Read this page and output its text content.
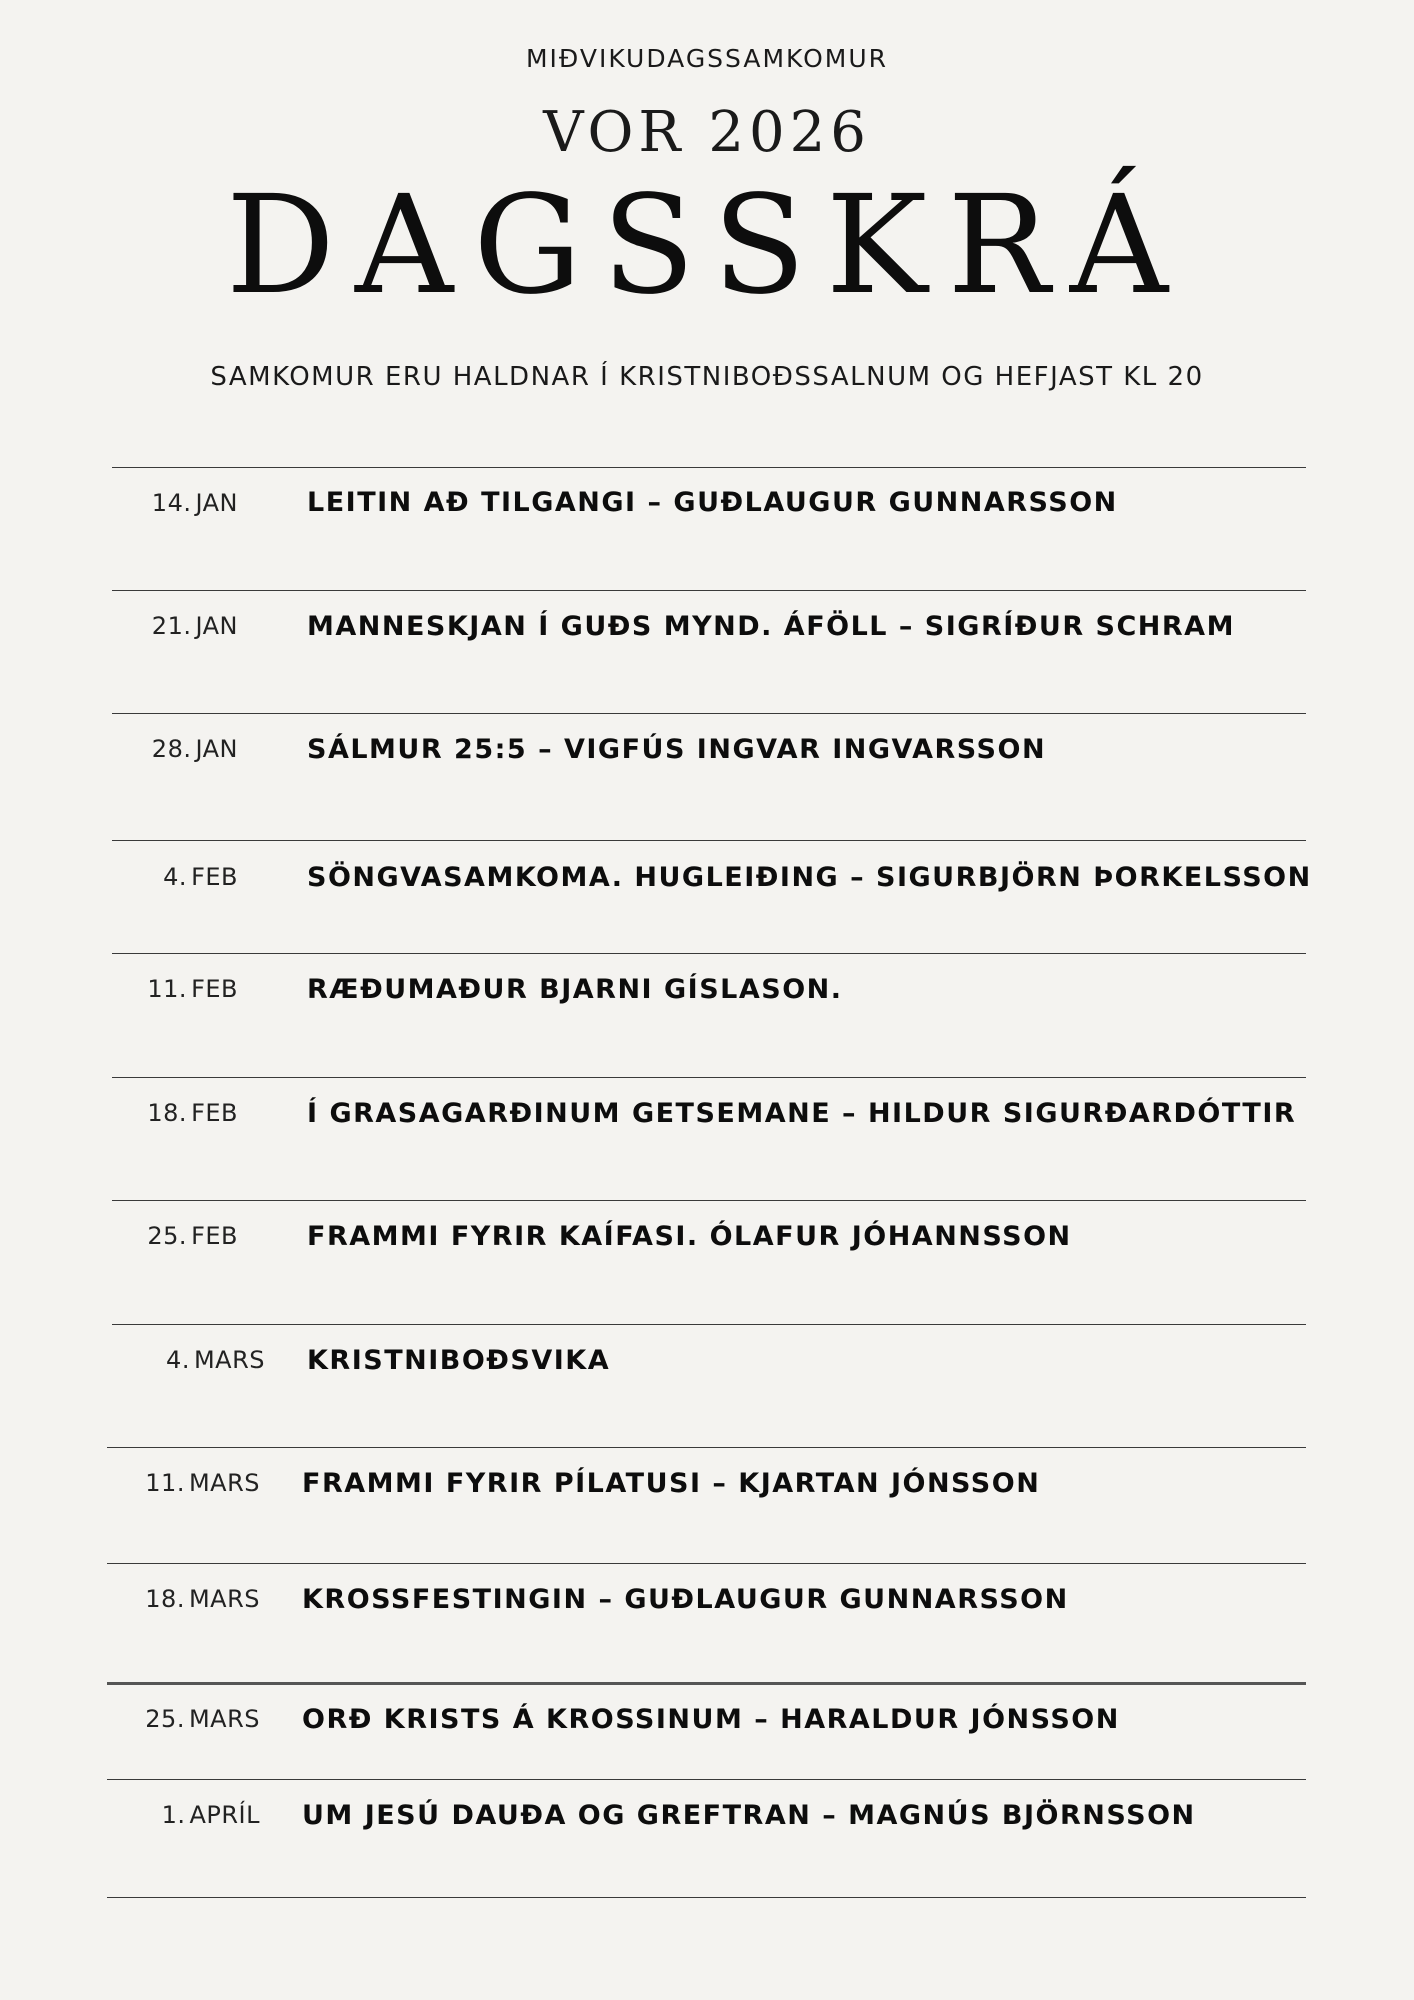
MIÐVIKUDAGSSAMKOMUR
VOR 2026
DAGSSKRÁ
SAMKOMUR ERU HALDNAR Í KRISTNIBOÐSSALNUM OG HEFJAST KL 20
14. JAN	LEITIN AÐ TILGANGI – GUÐLAUGUR GUNNARSSON
21. JAN	MANNESKJAN Í GUÐS MYND. ÁFÖLL – SIGRÍÐUR SCHRAM
28. JAN	SÁLMUR 25:5 – VIGFÚS INGVAR INGVARSSON
4. FEB	SÖNGVASAMKOMA. HUGLEIÐING – SIGURBJÖRN ÞORKELSSON
11. FEB	RÆÐUMAÐUR BJARNI GÍSLASON.
18. FEB	Í GRASAGARÐINUM GETSEMANE – HILDUR SIGURÐARDÓTTIR
25. FEB	FRAMMI FYRIR KAÍFASI. ÓLAFUR JÓHANNSSON
4. MARS KRISTNIBOÐSVIKA
11. MARS FRAMMI FYRIR PÍLATUSI – KJARTAN JÓNSSON
18. MARS KROSSFESTINGIN – GUÐLAUGUR GUNNARSSON
25. MARS ORÐ KRISTS Á KROSSINUM – HARALDUR JÓNSSON
1. APRÍL UM JESÚ DAUÐA OG GREFTRAN – MAGNÚS BJÖRNSSON
